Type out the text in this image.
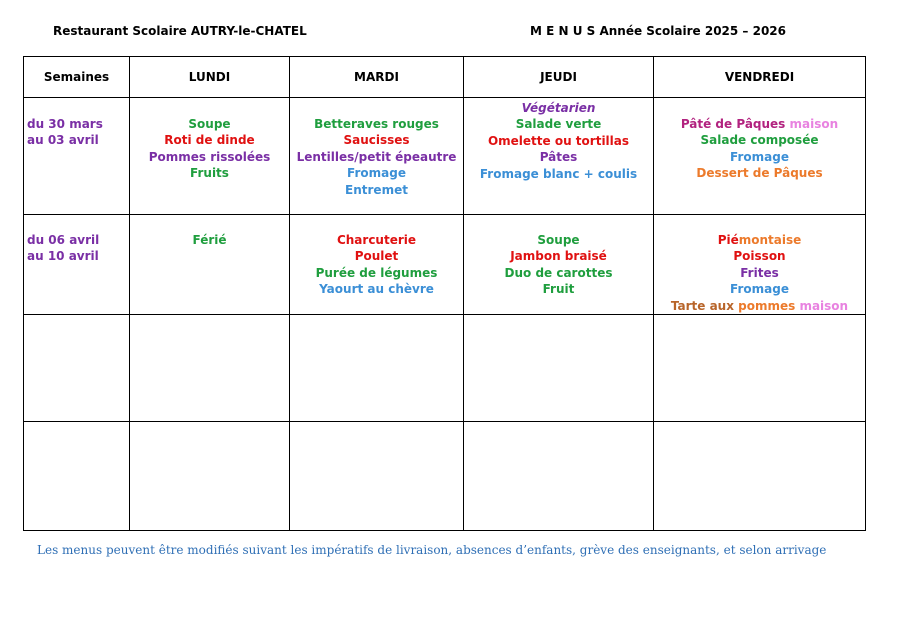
Restaurant Scolaire AUTRY-le-CHATEL	M E N U S Année Scolaire 2025 – 2026
Semaines	LUNDI	MARDI	JEUDI	VENDREDI

du 30 mars
au 03 avril	Soupe
Roti de dinde
Pommes rissolées
Fruits	Betteraves rouges
Saucisses
Lentilles/petit épeautre
Fromage
Entremet	Végétarien
Salade verte
Omelette ou tortillas
Pâtes
Fromage blanc + coulis	Pâté de Pâques maison
Salade composée
Fromage
Dessert de Pâques

du 06 avril
au 10 avril	Férié	Charcuterie
Poulet
Purée de légumes
Yaourt au chèvre	Soupe
Jambon braisé
Duo de carottes
Fruit	Piémontaise
Poisson
Frites
Fromage
Tarte aux pommes maison

Les menus peuvent être modifiés suivant les impératifs de livraison, absences d’enfants, grève des enseignants, et selon arrivage
